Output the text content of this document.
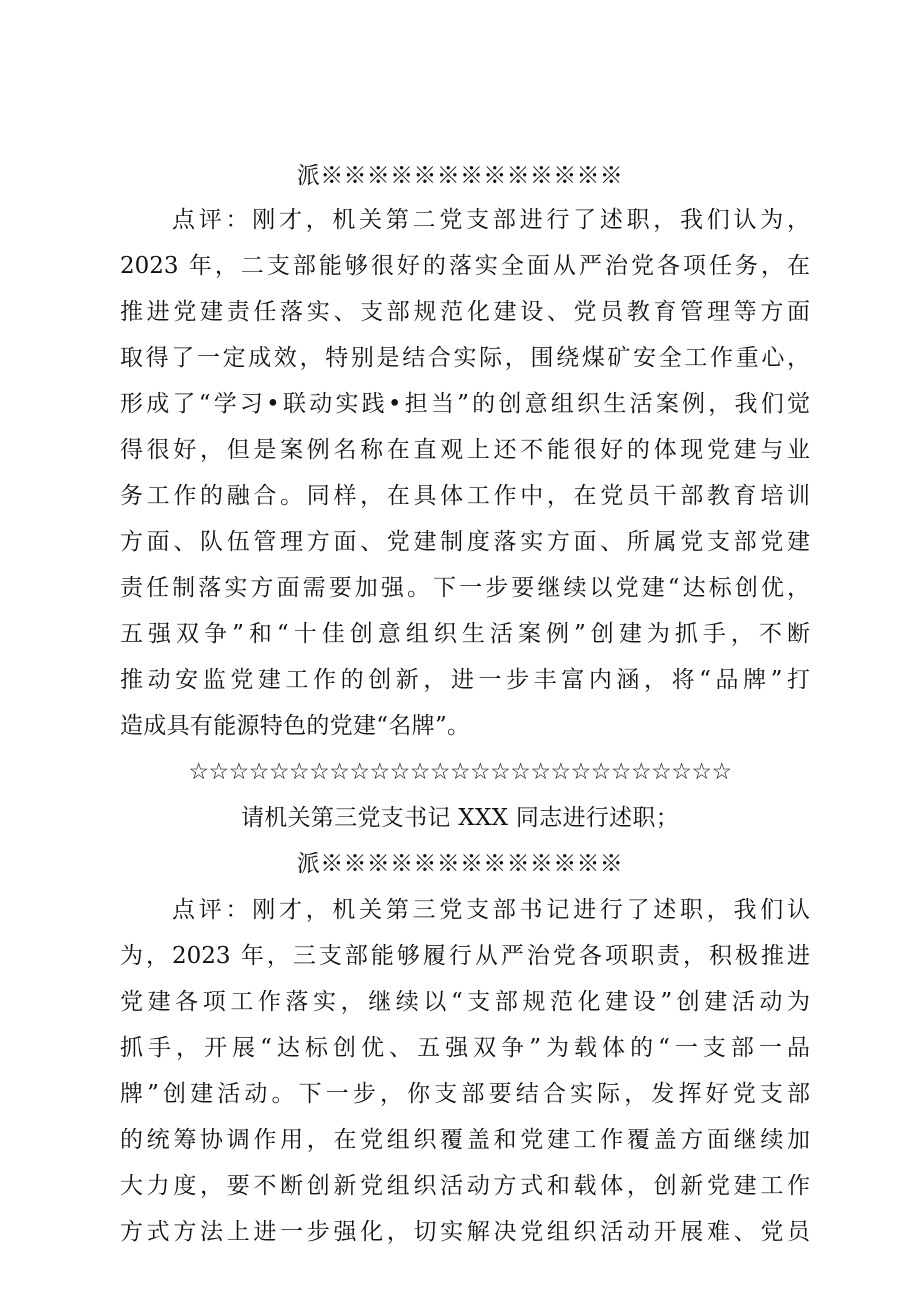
派※※※※※※※※※※※※※
点评：刚才，机关第二党支部进行了述职，我们认为，
2023 年，二支部能够很好的落实全面从严治党各项任务，在
推进党建责任落实、支部规范化建设、党员教育管理等方面
取得了一定成效，特别是结合实际，围绕煤矿安全工作重心，
形成了“学习•联动实践•担当”的创意组织生活案例，我们觉
得很好，但是案例名称在直观上还不能很好的体现党建与业
务工作的融合。同样，在具体工作中，在党员干部教育培训
方面、队伍管理方面、党建制度落实方面、所属党支部党建
责任制落实方面需要加强。下一步要继续以党建“达标创优，
五强双争”和“十佳创意组织生活案例”创建为抓手，不断
推动安监党建工作的创新，进一步丰富内涵，将“品牌”打
造成具有能源特色的党建“名牌”。
☆☆☆☆☆☆☆☆☆☆☆☆☆☆☆☆☆☆☆☆☆☆☆☆☆☆☆
请机关第三党支书记 XXX 同志进行述职；
派※※※※※※※※※※※※※
点评：刚才，机关第三党支部书记进行了述职，我们认
为，2023 年，三支部能够履行从严治党各项职责，积极推进
党建各项工作落实，继续以“支部规范化建设”创建活动为
抓手，开展“达标创优、五强双争”为载体的“一支部一品
牌”创建活动。下一步，你支部要结合实际，发挥好党支部
的统筹协调作用，在党组织覆盖和党建工作覆盖方面继续加
大力度，要不断创新党组织活动方式和载体，创新党建工作
方式方法上进一步强化，切实解决党组织活动开展难、党员
